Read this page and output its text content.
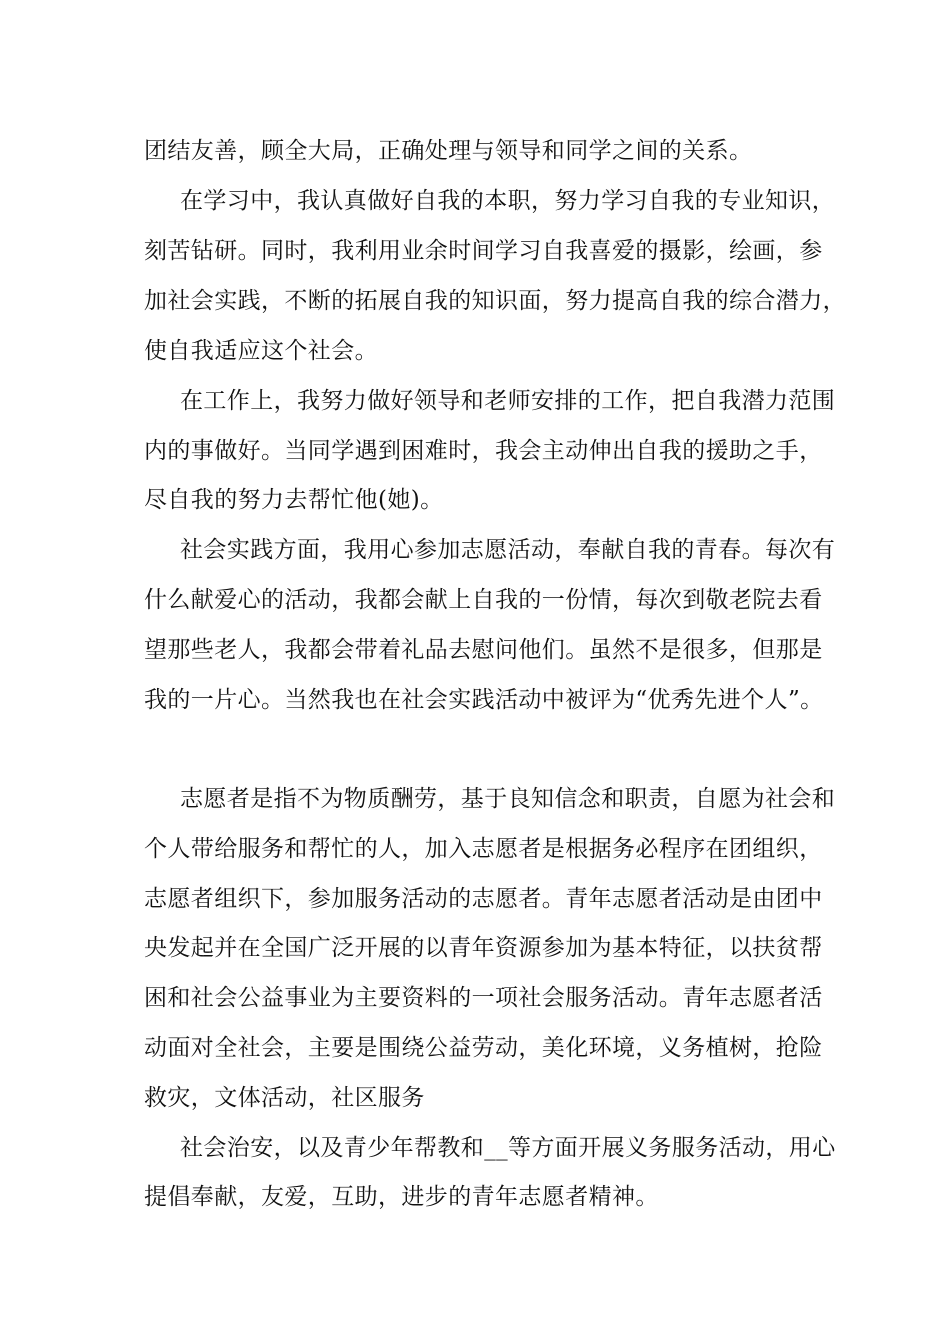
团结友善，顾全大局，正确处理与领导和同学之间的关系。
在学习中，我认真做好自我的本职，努力学习自我的专业知识，
刻苦钻研。同时，我利用业余时间学习自我喜爱的摄影，绘画，参
加社会实践，不断的拓展自我的知识面，努力提高自我的综合潜力，
使自我适应这个社会。
在工作上，我努力做好领导和老师安排的工作，把自我潜力范围
内的事做好。当同学遇到困难时，我会主动伸出自我的援助之手，
尽自我的努力去帮忙他(她)。
社会实践方面，我用心参加志愿活动，奉献自我的青春。每次有
什么献爱心的活动，我都会献上自我的一份情，每次到敬老院去看
望那些老人，我都会带着礼品去慰问他们。虽然不是很多，但那是
我的一片心。当然我也在社会实践活动中被评为“优秀先进个人”。
志愿者是指不为物质酬劳，基于良知信念和职责，自愿为社会和
个人带给服务和帮忙的人，加入志愿者是根据务必程序在团组织，
志愿者组织下，参加服务活动的志愿者。青年志愿者活动是由团中
央发起并在全国广泛开展的以青年资源参加为基本特征，以扶贫帮
困和社会公益事业为主要资料的一项社会服务活动。青年志愿者活
动面对全社会，主要是围绕公益劳动，美化环境，义务植树，抢险
救灾，文体活动，社区服务
社会治安，以及青少年帮教和__等方面开展义务服务活动，用心
提倡奉献，友爱，互助，进步的青年志愿者精神。
